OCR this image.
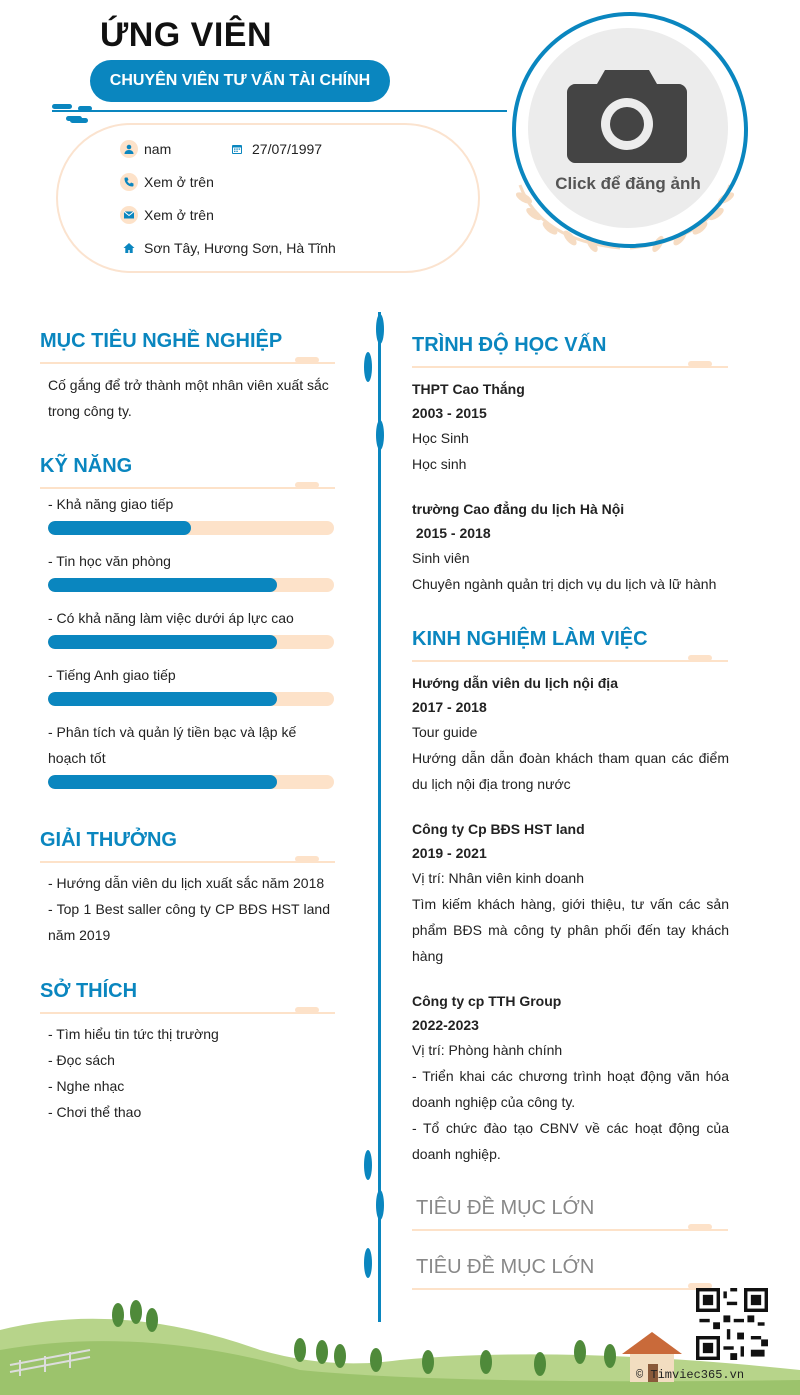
ỨNG VIÊN
CHUYÊN VIÊN TƯ VẤN TÀI CHÍNH
nam	27/07/1997
Xem ở trên
Xem ở trên
Sơn Tây, Hương Sơn, Hà Tĩnh
Click để đăng ảnh
MỤC TIÊU NGHỀ NGHIỆP
Cố gắng để trở thành một nhân viên xuất sắc trong công ty.
KỸ NĂNG
- Khả năng giao tiếp
- Tin học văn phòng
- Có khả năng làm việc dưới áp lực cao
- Tiếng Anh giao tiếp
- Phân tích và quản lý tiền bạc và lập kế hoạch tốt
GIẢI THƯỞNG
- Hướng dẫn viên du lịch xuất sắc năm 2018
- Top 1 Best saller công ty CP BĐS HST land năm 2019
SỞ THÍCH
- Tìm hiểu tin tức thị trường
- Đọc sách
- Nghe nhạc
- Chơi thể thao
TRÌNH ĐỘ HỌC VẤN
THPT Cao Thắng
2003 - 2015
Học Sinh
Học sinh
trường Cao đẳng du lịch Hà Nội
2015 - 2018
Sinh viên
Chuyên ngành quản trị dịch vụ du lịch và lữ hành
KINH NGHIỆM LÀM VIỆC
Hướng dẫn viên du lịch nội địa
2017 - 2018
Tour guide
Hướng dẫn dẫn đoàn khách tham quan các điểm du lịch nội địa trong nước
Công ty Cp BĐS HST land
2019 - 2021
Vị trí: Nhân viên kinh doanh
Tìm kiếm khách hàng, giới thiệu, tư vấn các sản phẩm BĐS mà công ty phân phối đến tay khách hàng
Công ty cp TTH Group
2022-2023
Vị trí: Phòng hành chính
- Triển khai các chương trình hoạt động văn hóa doanh nghiệp của công ty.
- Tổ chức đào tạo CBNV về các hoạt động của doanh nghiệp.
TIÊU ĐỀ MỤC LỚN
TIÊU ĐỀ MỤC LỚN
© Timviec365.vn
